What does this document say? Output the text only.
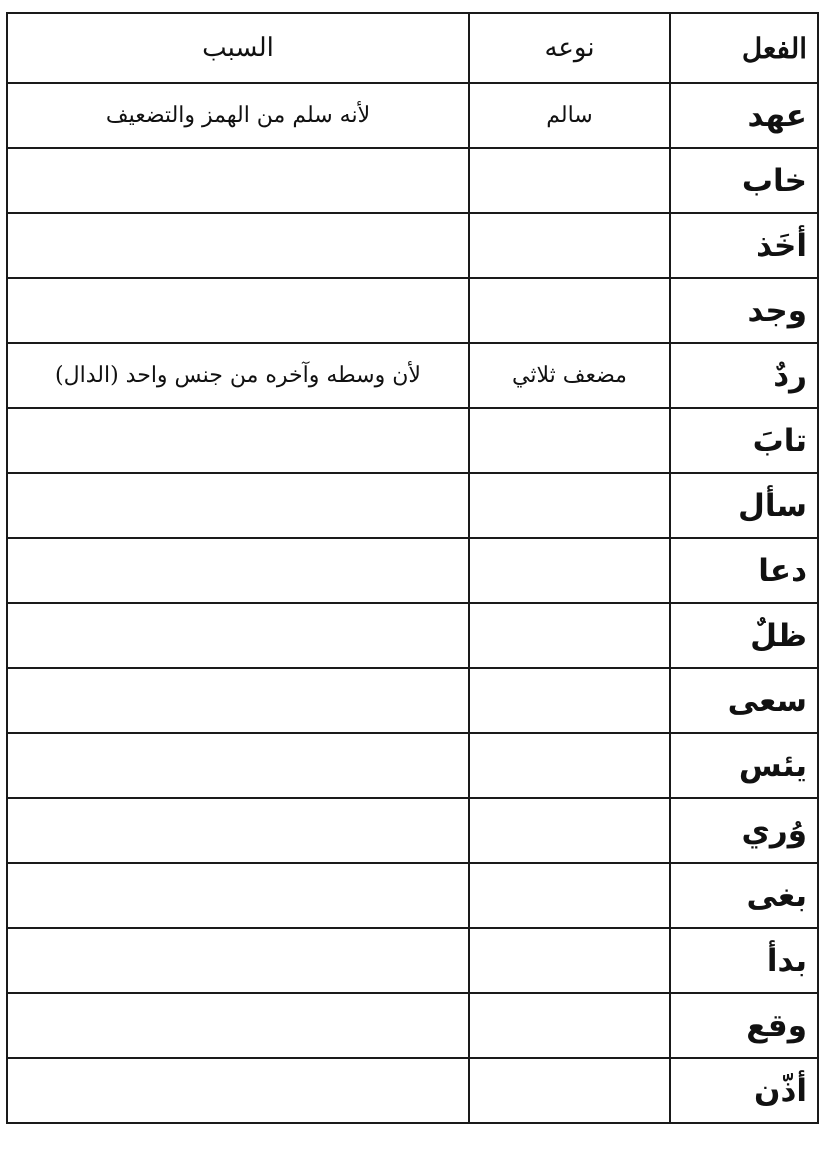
الفعل	نوعه	السبب
عهد	سالم	لأنه سلم من الهمز والتضعيف
خاب		
أخَذ		
وجد		
ردٌ	مضعف ثلاثي	لأن وسطه وآخره من جنس واحد (الدال)
تابَ		
سأل		
دعا		
ظلٌ		
سعى		
يئس		
وُري		
بغى		
بدأ		
وقع		
أذّن		
